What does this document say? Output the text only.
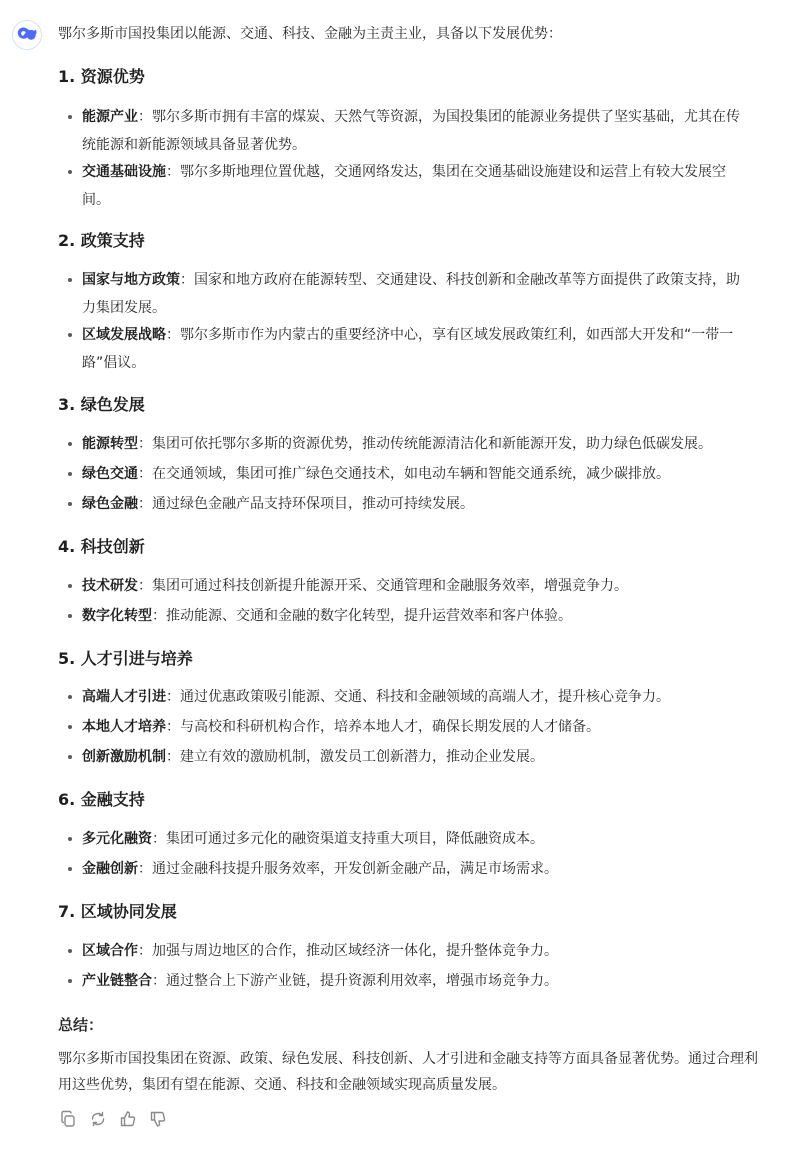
鄂尔多斯市国投集团以能源、交通、科技、金融为主责主业，具备以下发展优势：
1. 资源优势
能源产业：鄂尔多斯市拥有丰富的煤炭、天然气等资源，为国投集团的能源业务提供了坚实基础，尤其在传统能源和新能源领域具备显著优势。
交通基础设施：鄂尔多斯地理位置优越，交通网络发达，集团在交通基础设施建设和运营上有较大发展空间。
2. 政策支持
国家与地方政策：国家和地方政府在能源转型、交通建设、科技创新和金融改革等方面提供了政策支持，助力集团发展。
区域发展战略：鄂尔多斯市作为内蒙古的重要经济中心，享有区域发展政策红利，如西部大开发和“一带一路”倡议。
3. 绿色发展
能源转型：集团可依托鄂尔多斯的资源优势，推动传统能源清洁化和新能源开发，助力绿色低碳发展。
绿色交通：在交通领域，集团可推广绿色交通技术，如电动车辆和智能交通系统，减少碳排放。
绿色金融：通过绿色金融产品支持环保项目，推动可持续发展。
4. 科技创新
技术研发：集团可通过科技创新提升能源开采、交通管理和金融服务效率，增强竞争力。
数字化转型：推动能源、交通和金融的数字化转型，提升运营效率和客户体验。
5. 人才引进与培养
高端人才引进：通过优惠政策吸引能源、交通、科技和金融领域的高端人才，提升核心竞争力。
本地人才培养：与高校和科研机构合作，培养本地人才，确保长期发展的人才储备。
创新激励机制：建立有效的激励机制，激发员工创新潜力，推动企业发展。
6. 金融支持
多元化融资：集团可通过多元化的融资渠道支持重大项目，降低融资成本。
金融创新：通过金融科技提升服务效率，开发创新金融产品，满足市场需求。
7. 区域协同发展
区域合作：加强与周边地区的合作，推动区域经济一体化，提升整体竞争力。
产业链整合：通过整合上下游产业链，提升资源利用效率，增强市场竞争力。
总结：
鄂尔多斯市国投集团在资源、政策、绿色发展、科技创新、人才引进和金融支持等方面具备显著优势。通过合理利用这些优势，集团有望在能源、交通、科技和金融领域实现高质量发展。
